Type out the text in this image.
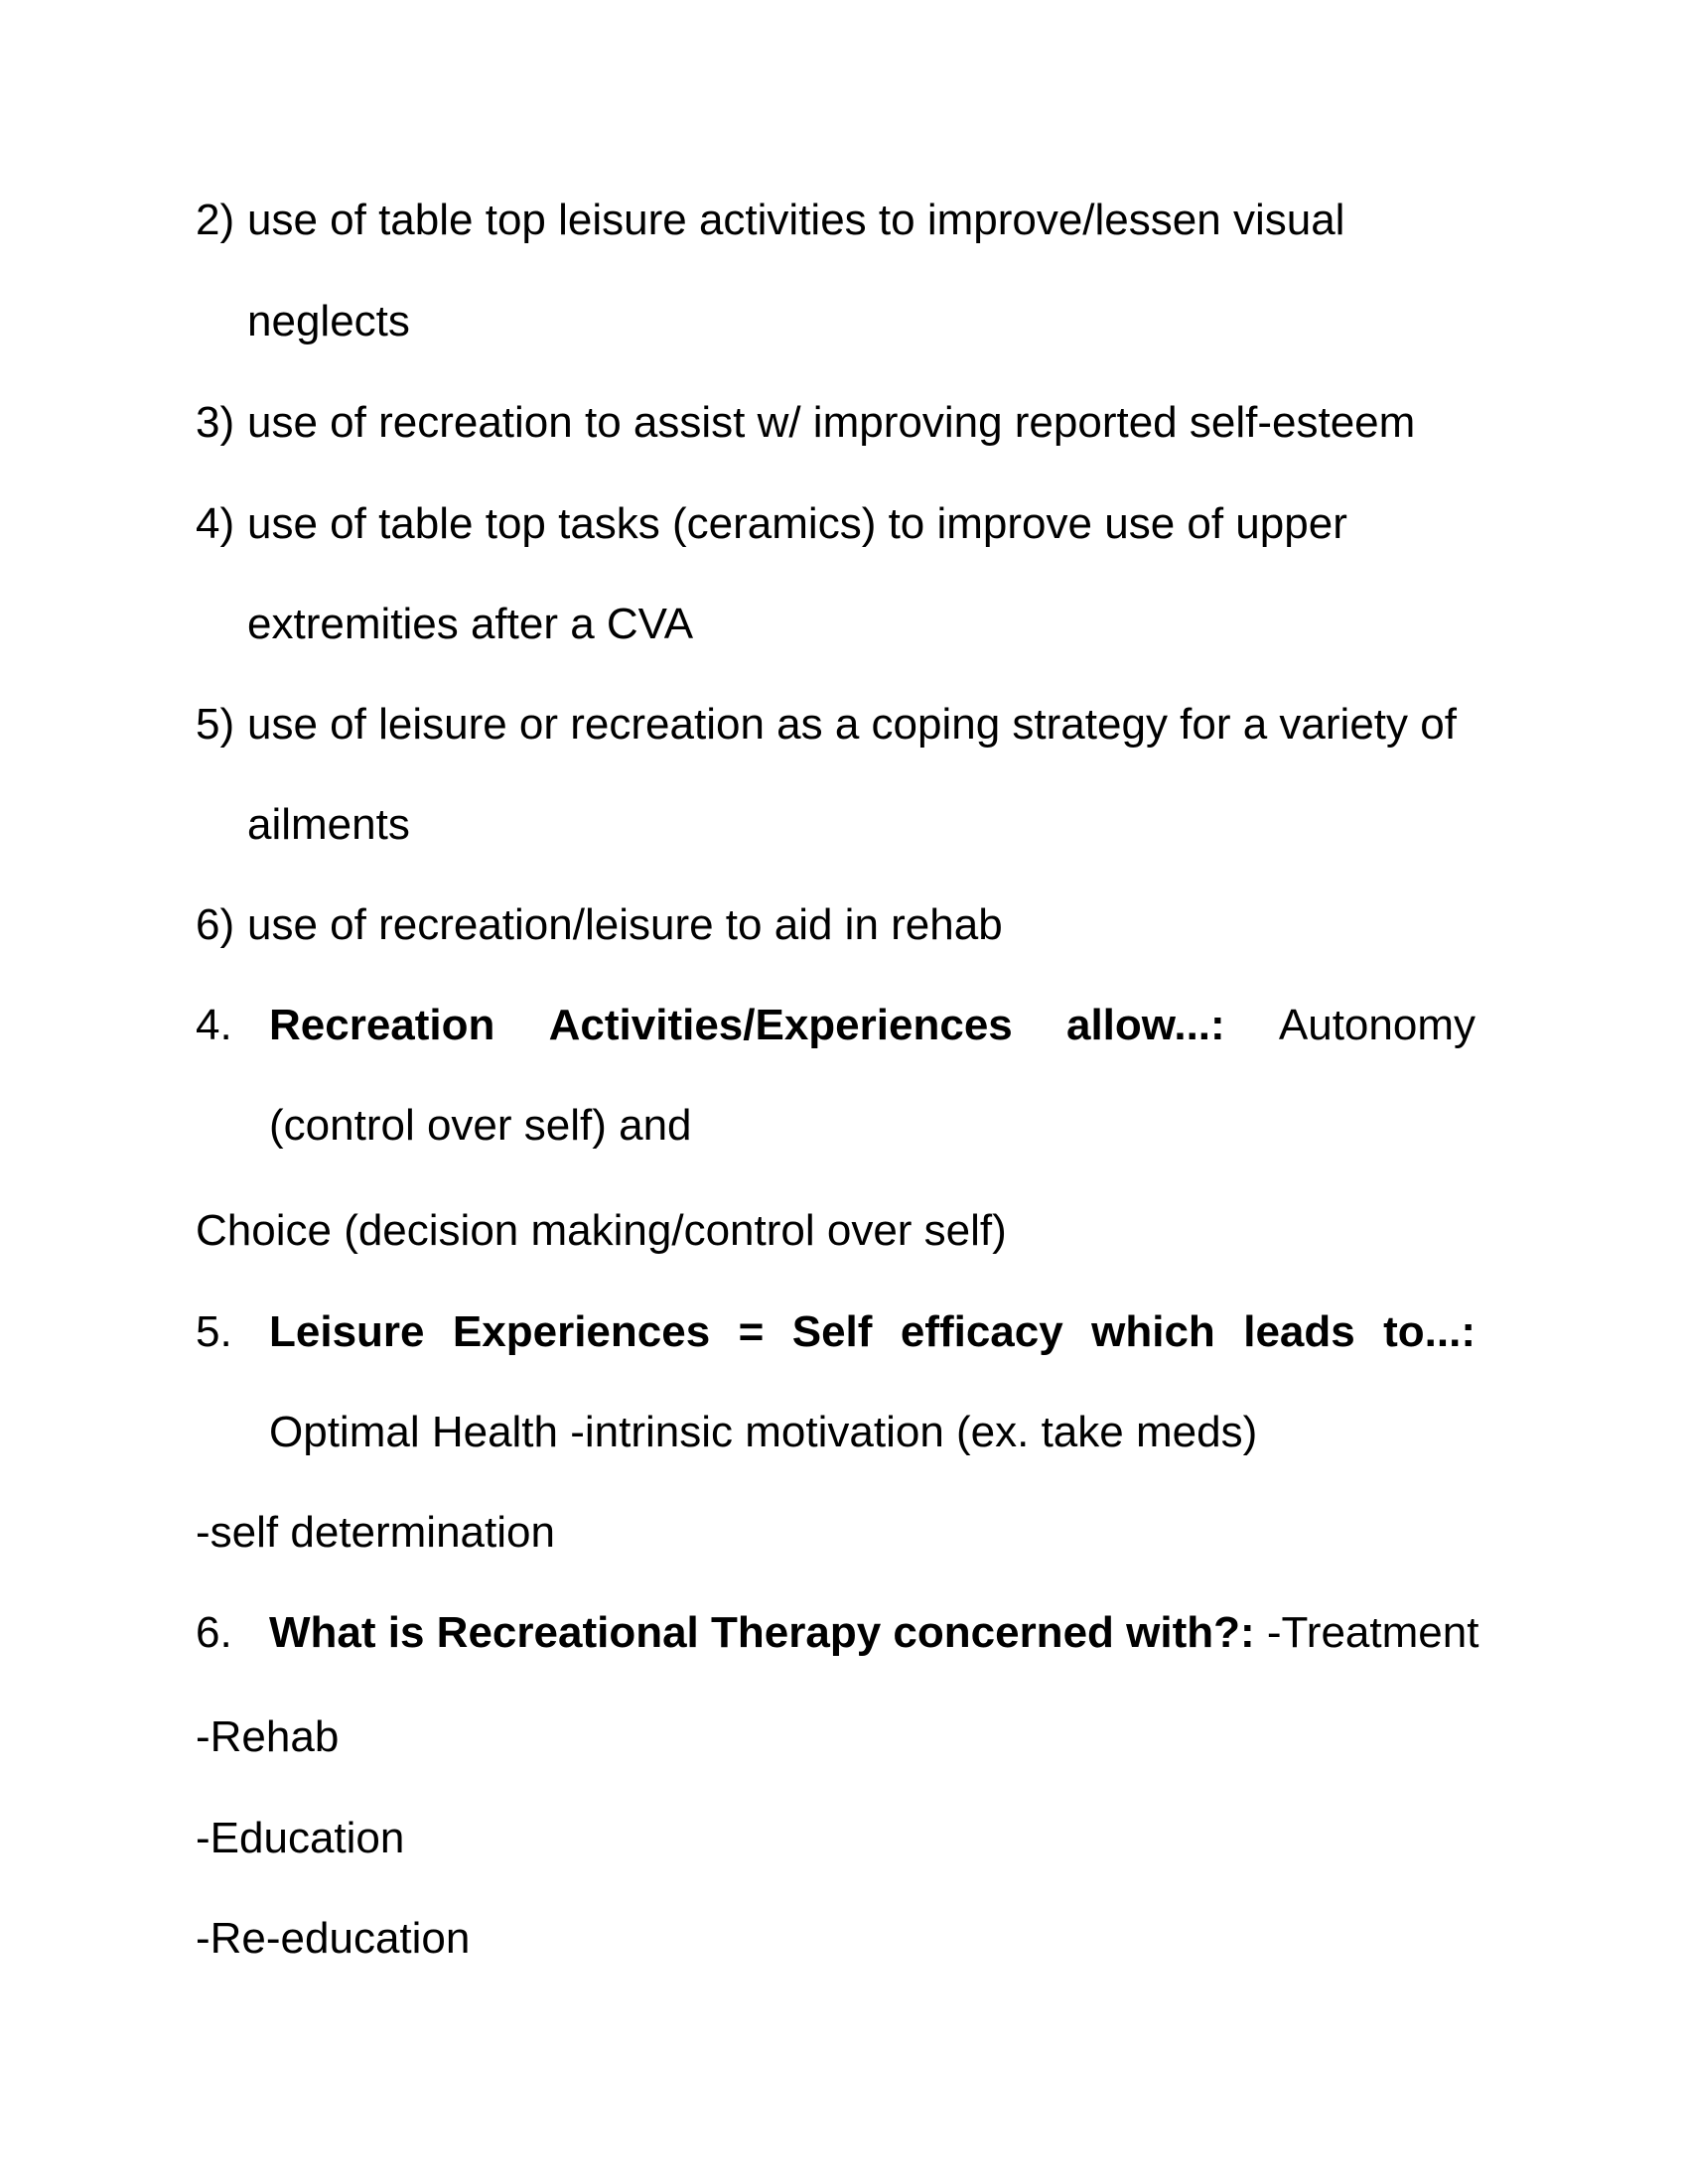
2) use of table top leisure activities to improve/lessen visual
neglects
3) use of recreation to assist w/ improving reported self-esteem
4) use of table top tasks (ceramics) to improve use of upper
extremities after a CVA
5) use of leisure or recreation as a coping strategy for a variety of
ailments
6) use of recreation/leisure to aid in rehab
4. Recreation Activities/Experiences allow...: Autonomy
(control over self) and
Choice (decision making/control over self)
5. Leisure Experiences = Self efficacy which leads to...:
Optimal Health -intrinsic motivation (ex. take meds)
-self determination
6. What is Recreational Therapy concerned with?: -Treatment
-Rehab
-Education
-Re-education
